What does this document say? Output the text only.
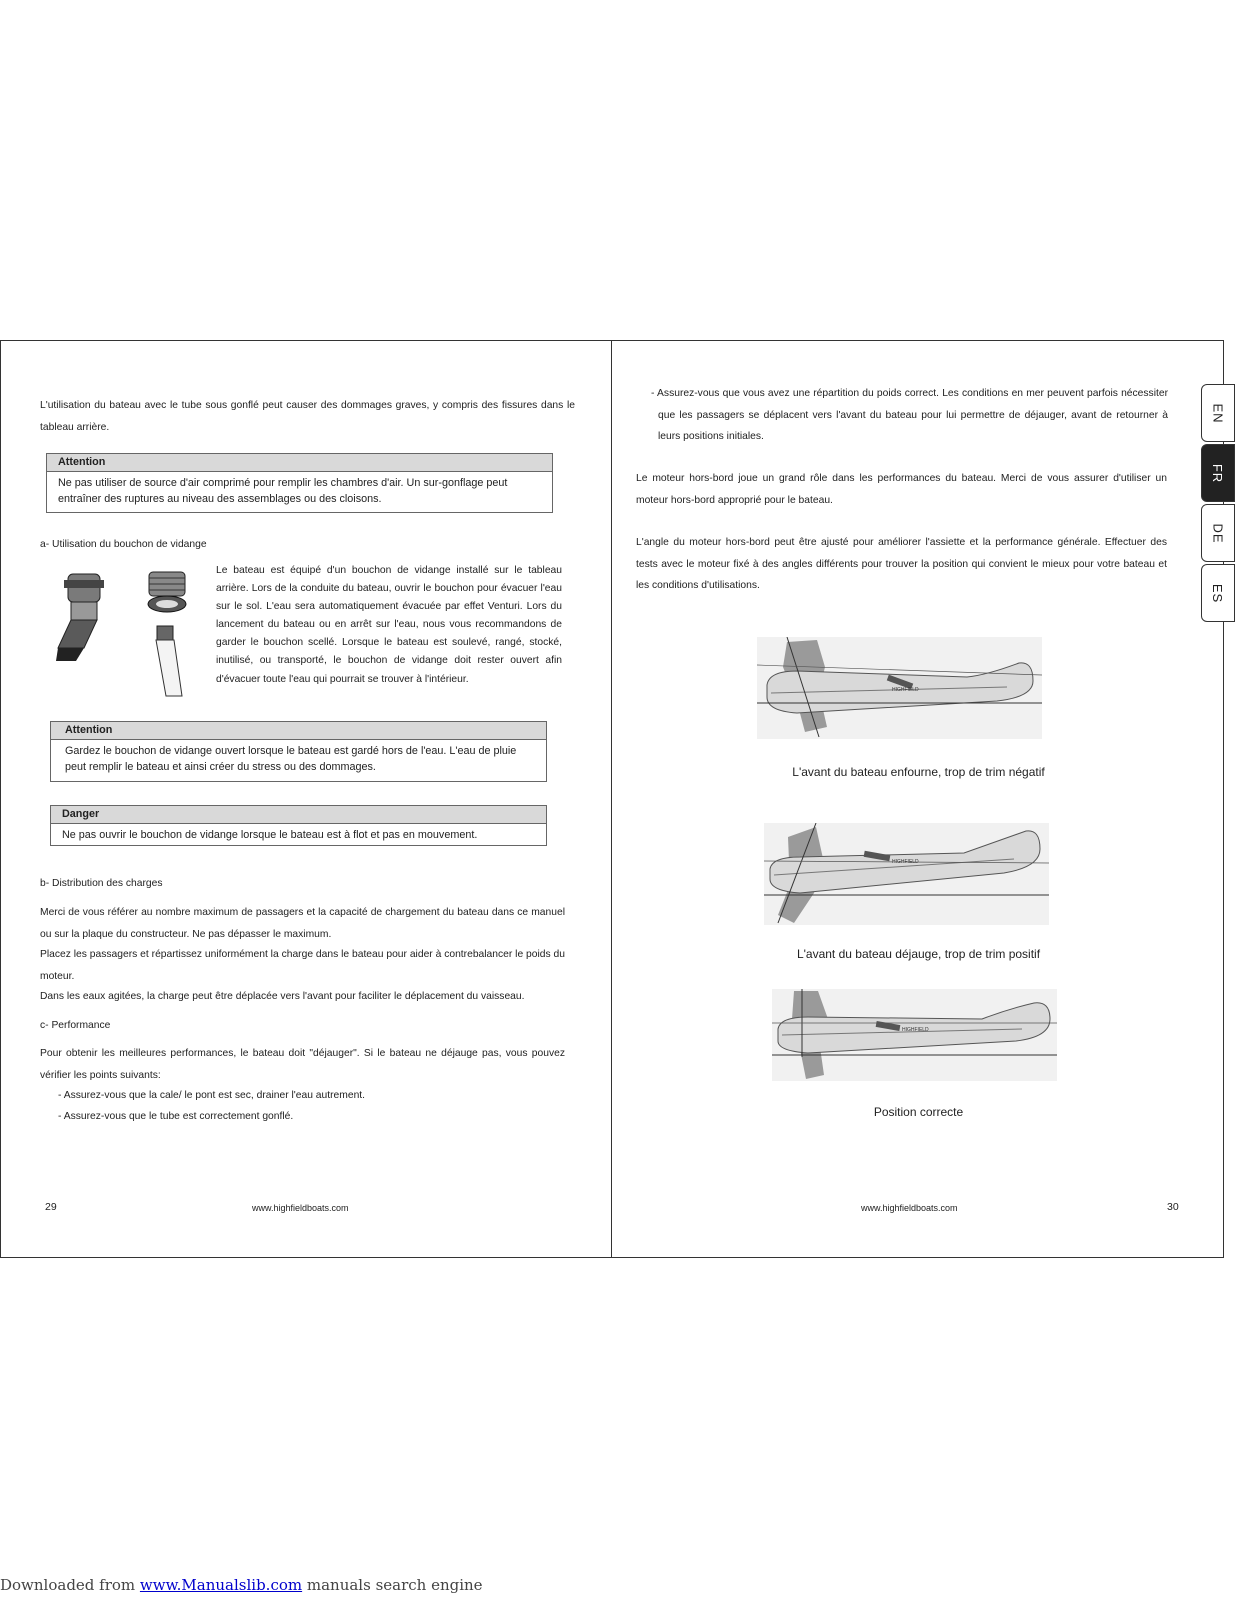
L'utilisation du bateau avec le tube sous gonflé peut causer des dommages graves, y compris des fissures dans le tableau arrière.

Attention
Ne pas utiliser de source d'air comprimé pour remplir les chambres d'air. Un sur-gonflage peut entraîner des ruptures au niveau des assemblages ou des cloisons.

a- Utilisation du bouchon de vidange

Le bateau est équipé d'un bouchon de vidange installé sur le tableau arrière. Lors de la conduite du bateau, ouvrir le bouchon pour évacuer l'eau sur le sol. L'eau sera automatiquement évacuée par effet Venturi. Lors du lancement du bateau ou en arrêt sur l'eau, nous vous recommandons de garder le bouchon scellé. Lorsque le bateau est soulevé, rangé, stocké, inutilisé, ou transporté, le bouchon de vidange doit rester ouvert afin d'évacuer toute l'eau qui pourrait se trouver à l'intérieur.

Attention
Gardez le bouchon de vidange ouvert lorsque le bateau est gardé hors de l'eau. L'eau de pluie peut remplir le bateau et ainsi créer du stress ou des dommages.
Danger
Ne pas ouvrir le bouchon de vidange lorsque le bateau est à flot et pas en mouvement.

b- Distribution des charges

Merci de vous référer au nombre maximum de passagers et la capacité de chargement du bateau dans ce manuel ou sur la plaque du constructeur. Ne pas dépasser le maximum.

Placez les passagers et répartissez uniformément la charge dans le bateau pour aider à contrebalancer le poids du moteur.

Dans les eaux agitées, la charge peut être déplacée vers l'avant pour faciliter le déplacement du vaisseau.

c- Performance

Pour obtenir les meilleures performances, le bateau doit "déjauger". Si le bateau ne déjauge pas, vous pouvez vérifier les points suivants:

- Assurez-vous que la cale/ le pont est sec, drainer l'eau autrement.

- Assurez-vous que le tube est correctement gonflé.

29	www.highfieldboats.com

- Assurez-vous que vous avez une répartition du poids correct. Les conditions en mer peuvent parfois nécessiter que les passagers se déplacent vers l'avant du bateau pour lui permettre de déjauger, avant de retourner à leurs positions initiales.

Le moteur hors-bord joue un grand rôle dans les performances du bateau. Merci de vous assurer d'utiliser un moteur hors-bord approprié pour le bateau.

L'angle du moteur hors-bord peut être ajusté pour améliorer l'assiette et la performance générale. Effectuer des tests avec le moteur fixé à des angles différents pour trouver la position qui convient le mieux pour votre bateau et les conditions d'utilisations.

HIGHFIELD
L'avant du bateau enfourne, trop de trim négatif
L'avant du bateau déjauge, trop de trim positif
HIGHFIELD
Position correcte
www.highfieldboats.com	30
EN
FR
DE
ES
Downloaded from www.Manualslib.com manuals search engine
